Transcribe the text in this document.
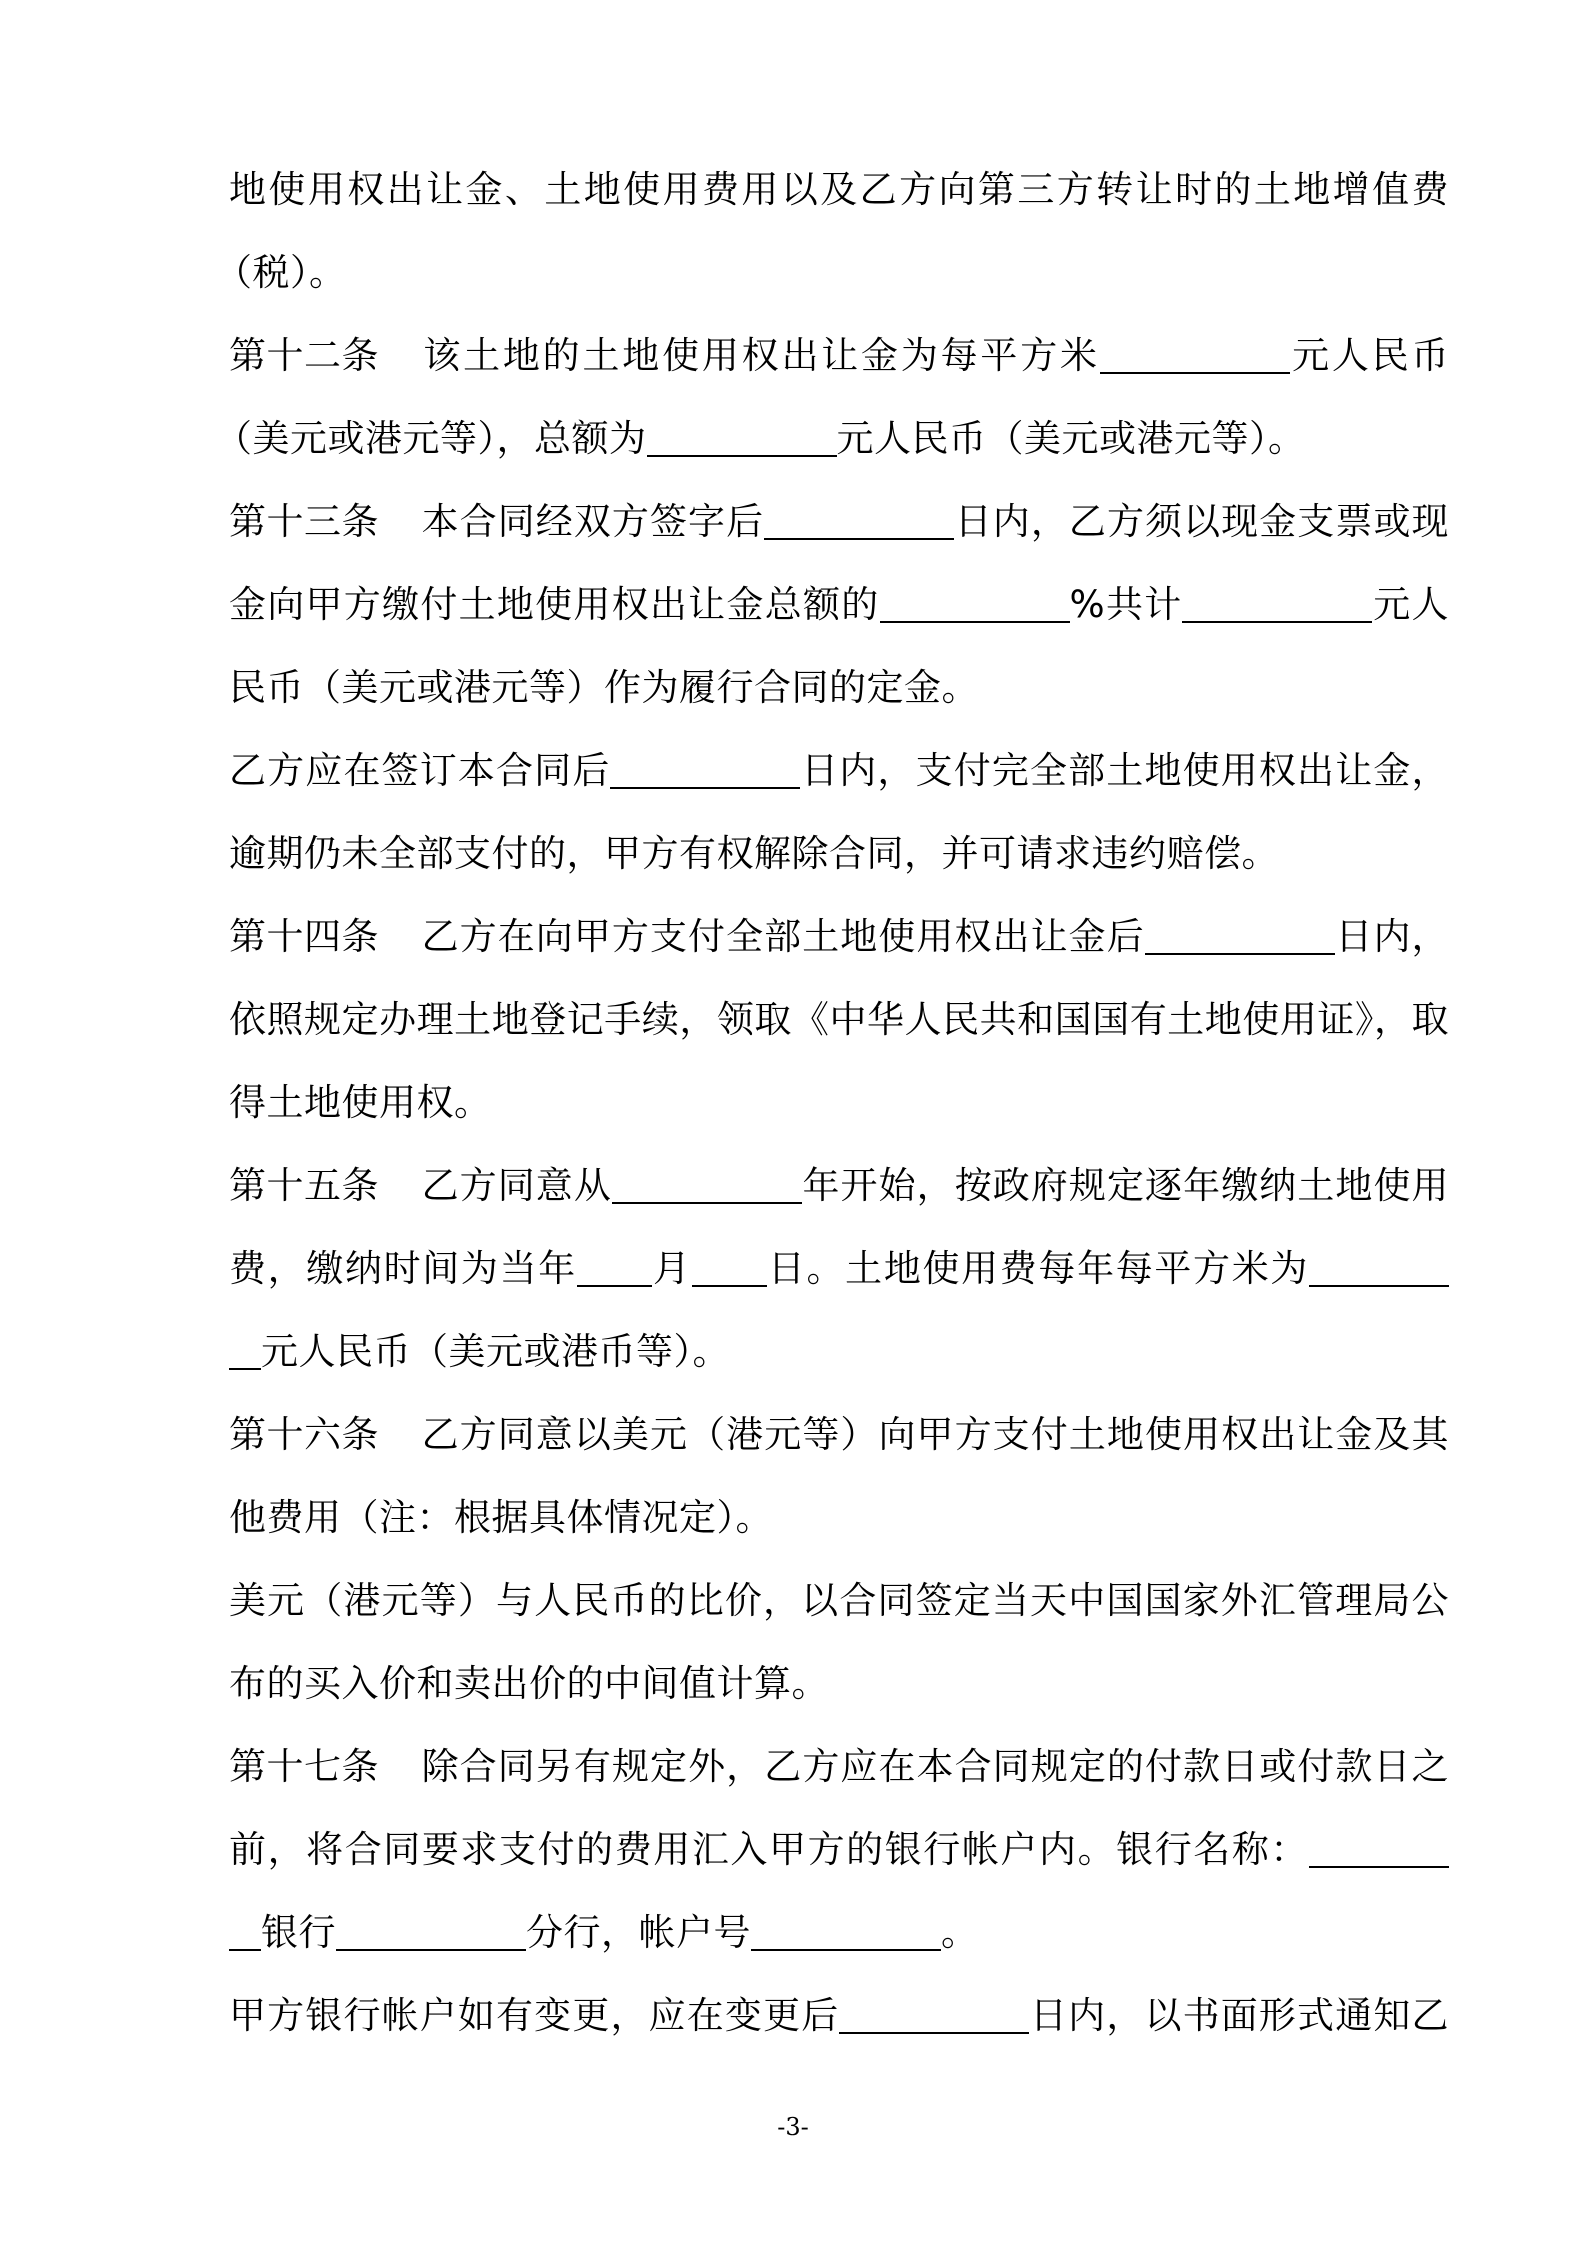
地使用权出让金、土地使用费用以及乙方向第三方转让时的土地增值费
（税）。
第十二条 该土地的土地使用权出让金为每平方米	元人民币
（美元或港元等），总额为	元人民币（美元或港元等）。
第十三条 本合同经双方签字后	日内，乙方须以现金支票或现
金向甲方缴付土地使用权出让金总额的	%共计	元人
民币（美元或港元等）作为履行合同的定金。
乙方应在签订本合同后	日内，支付完全部土地使用权出让金，
逾期仍未全部支付的，甲方有权解除合同，并可请求违约赔偿。
第十四条 乙方在向甲方支付全部土地使用权出让金后	日内，
依照规定办理土地登记手续，领取《中华人民共和国国有土地使用证》，取
得土地使用权。
第十五条 乙方同意从	年开始，按政府规定逐年缴纳土地使用
费，缴纳时间为当年 月 日。土地使用费每年每平方米为
元人民币（美元或港币等）。
第十六条 乙方同意以美元（港元等）向甲方支付土地使用权出让金及其
他费用（注：根据具体情况定）。
美元（港元等）与人民币的比价，以合同签定当天中国国家外汇管理局公
布的买入价和卖出价的中间值计算。
第十七条 除合同另有规定外，乙方应在本合同规定的付款日或付款日之
前，将合同要求支付的费用汇入甲方的银行帐户内。银行名称：
银行	分行，帐户号	。
甲方银行帐户如有变更，应在变更后	日内，以书面形式通知乙
-3-
